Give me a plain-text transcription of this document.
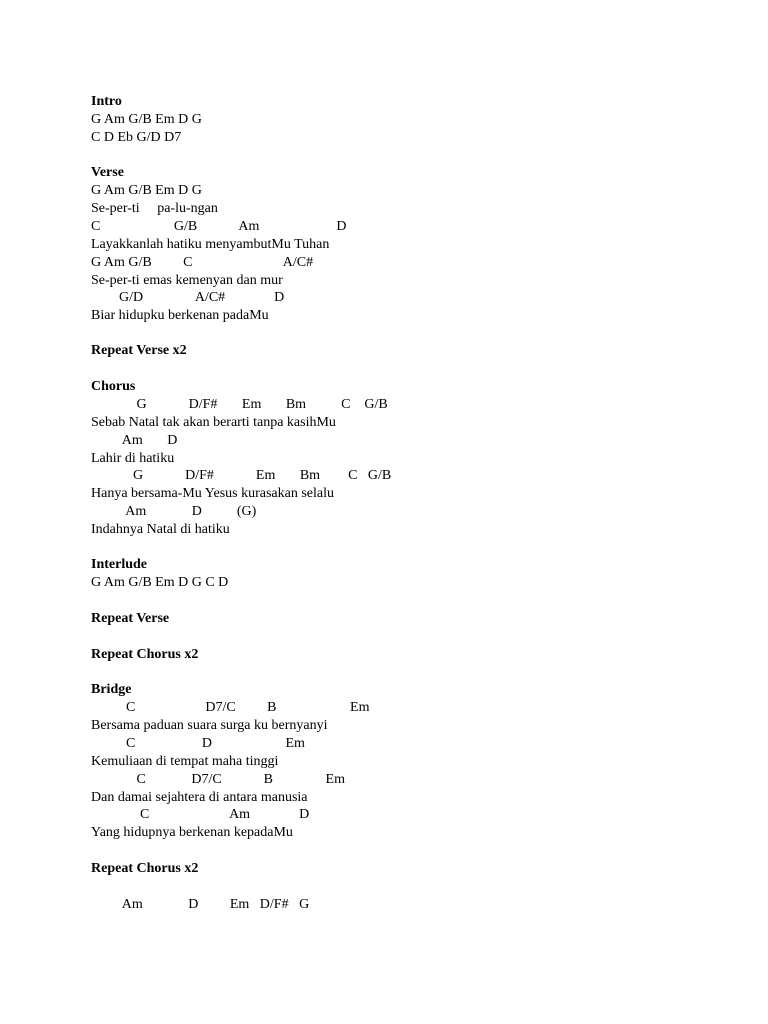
Intro
G Am G/B Em D G
C D Eb G/D D7
Verse
G Am G/B Em D G
Se-per-ti     pa-lu-ngan
C                     G/B            Am                      D
Layakkanlah hatiku menyambutMu Tuhan
G Am G/B         C                          A/C#
Se-per-ti emas kemenyan dan mur
G/D               A/C#              D
Biar hidupku berkenan padaMu
Repeat Verse x2
Chorus
G            D/F#       Em       Bm          C    G/B
Sebab Natal tak akan berarti tanpa kasihMu
Am       D
Lahir di hatiku
G            D/F#            Em       Bm        C   G/B
Hanya bersama-Mu Yesus kurasakan selalu
Am             D          (G)
Indahnya Natal di hatiku
Interlude
G Am G/B Em D G C D
Repeat Verse
Repeat Chorus x2
Bridge
C                    D7/C         B                     Em
Bersama paduan suara surga ku bernyanyi
C                   D                     Em
Kemuliaan di tempat maha tinggi
C             D7/C            B               Em
Dan damai sejahtera di antara manusia
C                       Am              D
Yang hidupnya berkenan kepadaMu
Repeat Chorus x2
Am             D         Em   D/F#   G
